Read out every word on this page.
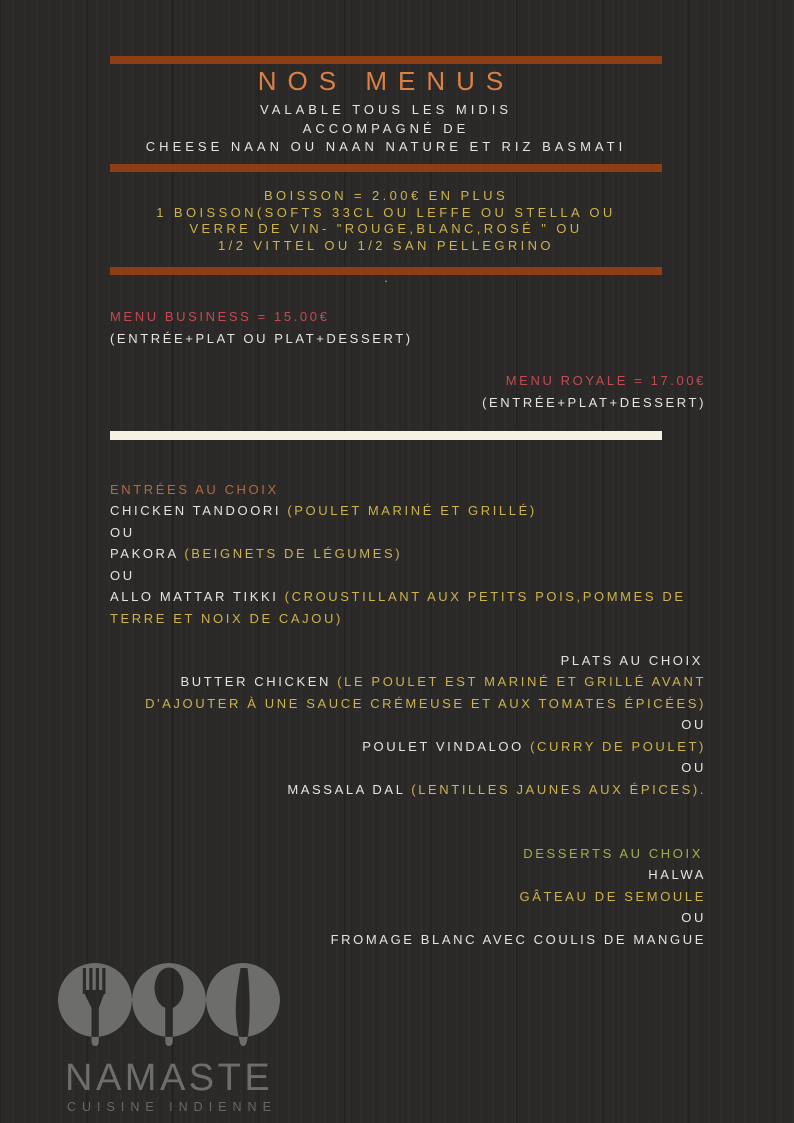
NOS MENUS
VALABLE TOUS LES MIDIS
ACCOMPAGNÉ DE
CHEESE NAAN OU NAAN NATURE ET RIZ BASMATI
BOISSON = 2.00€ EN PLUS
1 BOISSON(SOFTS 33CL OU LEFFE OU STELLA OU
VERRE DE VIN- "ROUGE,BLANC,ROSÉ " OU
1/2 VITTEL OU 1/2 SAN PELLEGRINO
.
MENU BUSINESS = 15.00€
(ENTRÉE+PLAT OU PLAT+DESSERT)
MENU ROYALE = 17.00€
(ENTRÉE+PLAT+DESSERT)
ENTRÉES AU CHOIX
CHICKEN TANDOORI (POULET MARINÉ ET GRILLÉ)
OU
PAKORA (BEIGNETS DE LÉGUMES)
OU
ALLO MATTAR TIKKI (CROUSTILLANT AUX PETITS POIS,POMMES DE TERRE ET NOIX DE CAJOU)
PLATS AU CHOIX
BUTTER CHICKEN (LE POULET EST MARINÉ ET GRILLÉ AVANT D'AJOUTER À UNE SAUCE CRÉMEUSE ET AUX TOMATES ÉPICÉES)
OU
POULET VINDALOO (CURRY DE POULET)
OU
MASSALA DAL (LENTILLES JAUNES AUX ÉPICES).
DESSERTS AU CHOIX
HALWA
GÂTEAU DE SEMOULE
OU
FROMAGE BLANC AVEC COULIS DE MANGUE
NAMASTE
CUISINE INDIENNE
